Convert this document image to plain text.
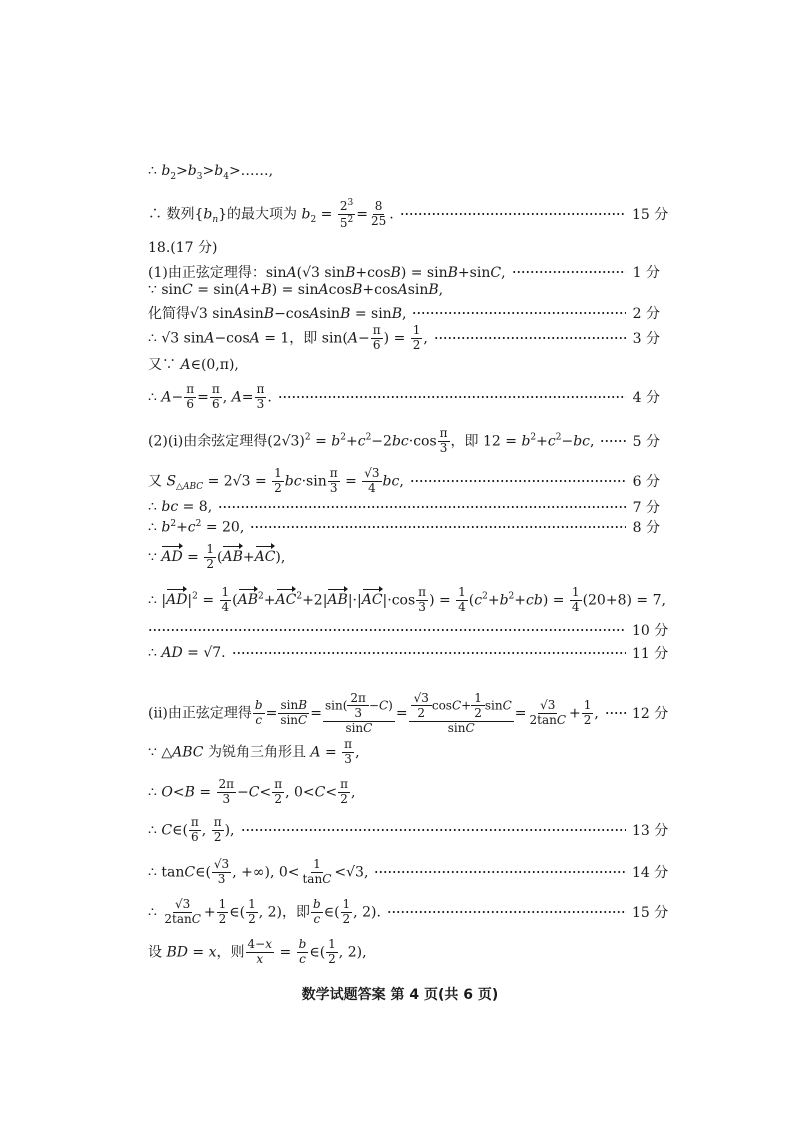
∴ $b_2>b_3>b_4>\dots\dots$,
∴ 数列$\{b_n\}$的最大项为 $b_2 = \frac{2^3}{5^2} = \frac{8}{25}$ .	15 分
18.(17 分)
(1)由正弦定理得：sinA(√3 sinB+cosB) = sinB+sinC,	1 分
∵ sinC = sin(A+B) = sinAcosB+cosAsinB,
化简得√3 sinAsinB−cosAsinB = sinB,	2 分
∴ √3 sinA−cosA = 1，即 $\sin(A- \frac{\pi}{6}$ ) = $\frac{1}{2}$ ,	3 分
又∵ A∈(0,π),
∴ $A- \frac{\pi}{6} = \frac{\pi}{6}$ , $A= \frac{\pi}{3}$ .	4 分
(2)(i)由余弦定理得$(2√3)^2 = b^2+c^2-2bc\cdot\cos \frac{\pi}{3}$ ，即 $12 = b^2+c^2-bc$,	5 分
又 $S_{\triangle ABC} = 2√3 = \frac{1}{2} bc\cdot\sin \frac{\pi}{3} = \frac{√3}{4}$ bc,	6 分
∴ bc = 8,	7 分
∴ $b^2+c^2 = 20$,	8 分
∵ AD = $\frac{1}{2} (AB+AC)$,
∴ $|AD|^2 = \frac{1}{4} (AB^2+AC^2+2|AB|\cdot|AC|\cdot\cos \frac{\pi}{3}$ ) = $\frac{1}{4} (c^2+b^2+cb) = \frac{1}{4} (20+8) = 7$,
10 分
∴ AD = √7.	11 分
(ii)由正弦定理得 $\frac{b}{c} = \frac{\sin B}{\sin C} = \frac{\sin( \frac{2\pi}{3} -C)}{\sin C} = \frac{\frac{√3}{2} \cos C+ \frac{1}{2} \sin C}{\sin C} = \frac{√3}{2\tan C} + \frac{1}{2}$ , 12 分
∵ △ABC 为锐角三角形且 $A = \frac{\pi}{3}$ ,
∴ $O<B = \frac{2\pi}{3} -C< \frac{\pi}{2}$ , $0<C< \frac{\pi}{2}$ ,
∴ C∈( $\frac{\pi}{6}$ , $\frac{\pi}{2}$ ),	13 分
∴ tanC∈( $\frac{√3}{3}$ , +∞), $0< \frac{1}{\tan C} <√3$,	14 分
∴ $\frac{√3}{2\tan C} + \frac{1}{2}$ ∈( $\frac{1}{2}$ , 2)，即 $\frac{b}{c}$ ∈( $\frac{1}{2}$ , 2).	15 分
设 BD = x，则 $\frac{4-x}{x} = \frac{b}{c}$ ∈( $\frac{1}{2}$ , 2),
数学试题答案 第 4 页(共 6 页)
